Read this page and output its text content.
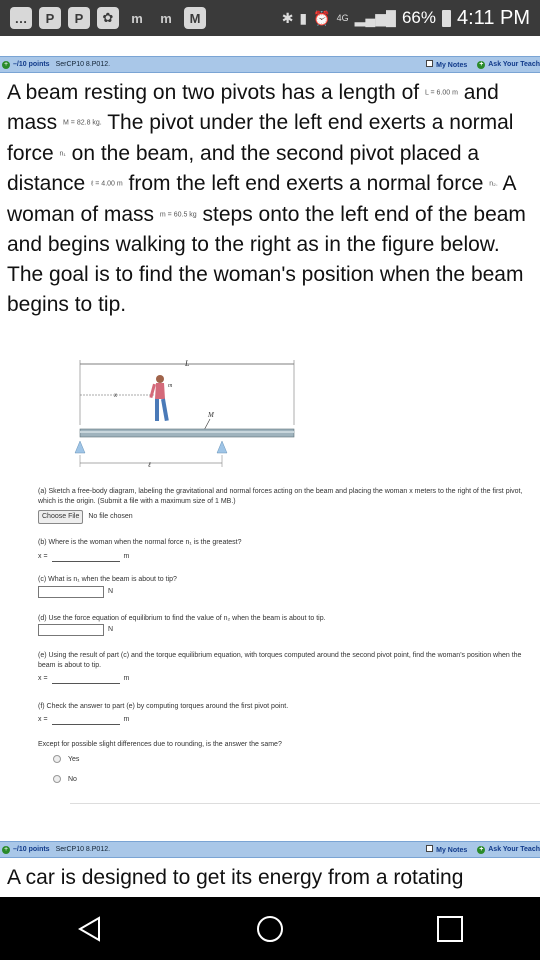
…	P	P	✿	m	m	M	✱ ▮ ⏰ 4G ▂▄▆█ 66% 4:11 PM
+ –/10 points SerCP10 8.P012.	My Notes + Ask Your Teach
A beam resting on two pivots has a length of L = 6.00 m and mass M = 82.8 kg. The pivot under the left end exerts a normal force n₁ on the beam, and the second pivot placed a distance ℓ = 4.00 m from the left end exerts a normal force n₂. A woman of mass m = 60.5 kg steps onto the left end of the beam and begins walking to the right as in the figure below. The goal is to find the woman's position when the beam begins to tip.
L
x
m
M
ℓ
(a) Sketch a free-body diagram, labeling the gravitational and normal forces acting on the beam and placing the woman x meters to the right of the first pivot, which is the origin. (Submit a file with a maximum size of 1 MB.)
Choose File No file chosen
(b) Where is the woman when the normal force n₁ is the greatest?
x =	m
(c) What is n₁ when the beam is about to tip?
N
(d) Use the force equation of equilibrium to find the value of n₂ when the beam is about to tip.
N
(e) Using the result of part (c) and the torque equilibrium equation, with torques computed around the second pivot point, find the woman's position when the beam is about to tip.
x =	m
(f) Check the answer to part (e) by computing torques around the first pivot point.
x =	m
Except for possible slight differences due to rounding, is the answer the same?
Yes
No
+ –/10 points SerCP10 8.P012.	My Notes + Ask Your Teach
A car is designed to get its energy from a rotating
